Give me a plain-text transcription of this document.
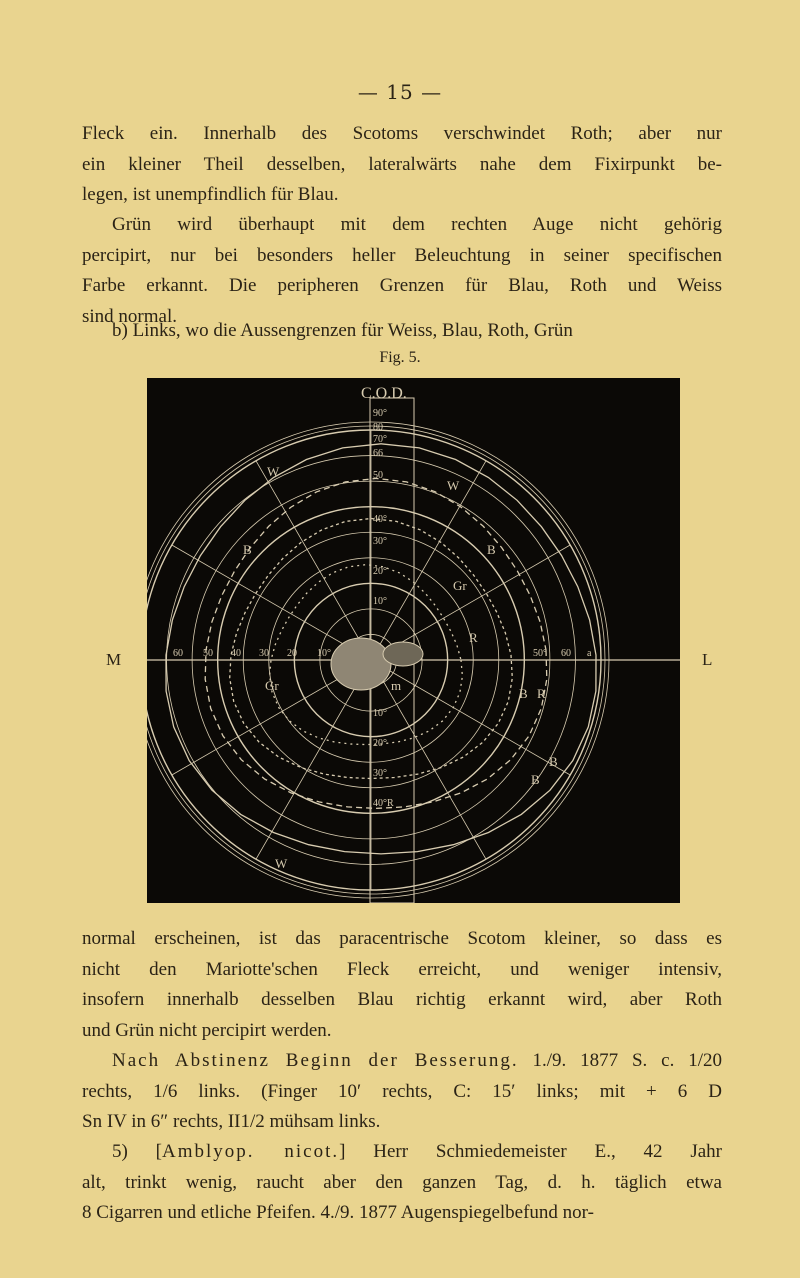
— 15 —

Fleck ein. Innerhalb des Scotoms verschwindet Roth; aber nur
ein kleiner Theil desselben, lateralwärts nahe dem Fixirpunkt be-
legen, ist unempfindlich für Blau.

Grün wird überhaupt mit dem rechten Auge nicht gehörig
percipirt, nur bei besonders heller Beleuchtung in seiner specifischen
Farbe erkannt. Die peripheren Grenzen für Blau, Roth und Weiss
sind normal.

b) Links, wo die Aussengrenzen für Weiss, Blau, Roth, Grün

Fig. 5.
M	L
C.O.D.
90°
80
70°
66
50
40°
30°
20°
10°
10°
20°
30°
40°R
60 50 40 30 20 10°	50° 60 a
W
W
B	B
Gr
Gr
R
R
B
B
W
B
m

normal erscheinen, ist das paracentrische Scotom kleiner, so dass es
nicht den Mariotte'schen Fleck erreicht, und weniger intensiv,
insofern innerhalb desselben Blau richtig erkannt wird, aber Roth
und Grün nicht percipirt werden.

Nach Abstinenz Beginn der Besserung. 1./9. 1877 S. c. 1/20
rechts, 1/6 links. (Finger 10′ rechts, C: 15′ links; mit + 6 D
Sn IV in 6″ rechts, II1/2 mühsam links.

5) [Amblyop. nicot.] Herr Schmiedemeister E., 42 Jahr
alt, trinkt wenig, raucht aber den ganzen Tag, d. h. täglich etwa
8 Cigarren und etliche Pfeifen. 4./9. 1877 Augenspiegelbefund nor-
